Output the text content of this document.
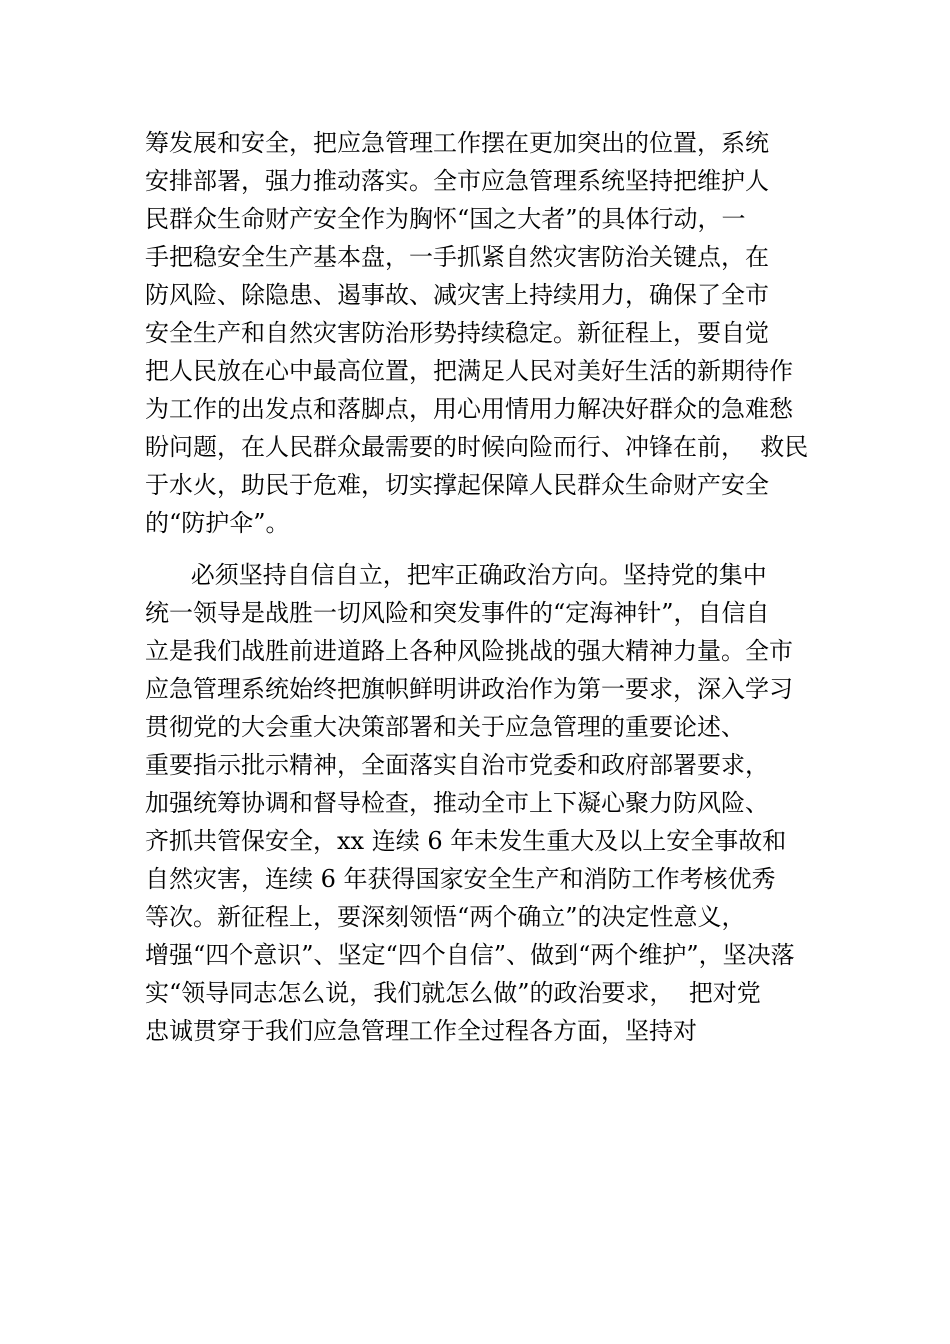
筹发展和安全，把应急管理工作摆在更加突出的位置，系统
安排部署，强力推动落实。全市应急管理系统坚持把维护人
民群众生命财产安全作为胸怀“国之大者”的具体行动，一
手把稳安全生产基本盘，一手抓紧自然灾害防治关键点，在
防风险、除隐患、遏事故、减灾害上持续用力，确保了全市
安全生产和自然灾害防治形势持续稳定。新征程上，要自觉
把人民放在心中最高位置，把满足人民对美好生活的新期待作
为工作的出发点和落脚点，用心用情用力解决好群众的急难愁
盼问题，在人民群众最需要的时候向险而行、冲锋在前，  救民
于水火，助民于危难，切实撑起保障人民群众生命财产安全
的“防护伞”。
必须坚持自信自立，把牢正确政治方向。坚持党的集中
统一领导是战胜一切风险和突发事件的“定海神针”，自信自
立是我们战胜前进道路上各种风险挑战的强大精神力量。全市
应急管理系统始终把旗帜鲜明讲政治作为第一要求，深入学习
贯彻党的大会重大决策部署和关于应急管理的重要论述、
重要指示批示精神，全面落实自治市党委和政府部署要求，
加强统筹协调和督导检查，推动全市上下凝心聚力防风险、
齐抓共管保安全，xx 连续 6 年未发生重大及以上安全事故和
自然灾害，连续 6 年获得国家安全生产和消防工作考核优秀
等次。新征程上，要深刻领悟“两个确立”的决定性意义，
增强“四个意识”、坚定“四个自信”、做到“两个维护”，坚决落
实“领导同志怎么说，我们就怎么做”的政治要求，  把对党
忠诚贯穿于我们应急管理工作全过程各方面，坚持对
